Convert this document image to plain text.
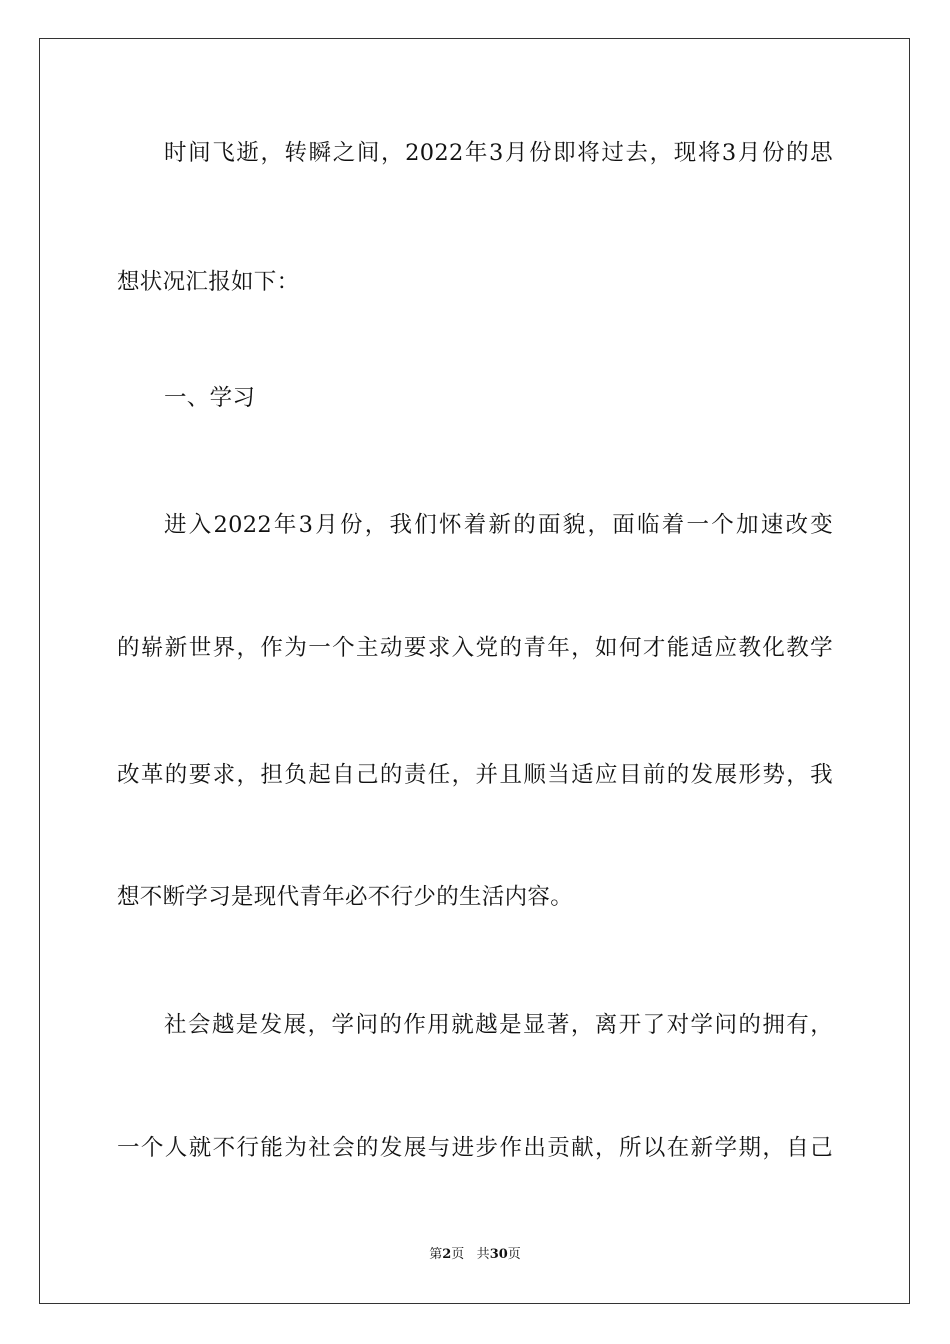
时间飞逝，转瞬之间，2022年3月份即将过去，现将3月份的思
想状况汇报如下：
一、学习
进入2022年3月份，我们怀着新的面貌，面临着一个加速改变
的崭新世界，作为一个主动要求入党的青年，如何才能适应教化教学
改革的要求，担负起自己的责任，并且顺当适应目前的发展形势，我
想不断学习是现代青年必不行少的生活内容。
社会越是发展，学问的作用就越是显著，离开了对学问的拥有，
一个人就不行能为社会的发展与进步作出贡献，所以在新学期，自己
第2页 共30页
